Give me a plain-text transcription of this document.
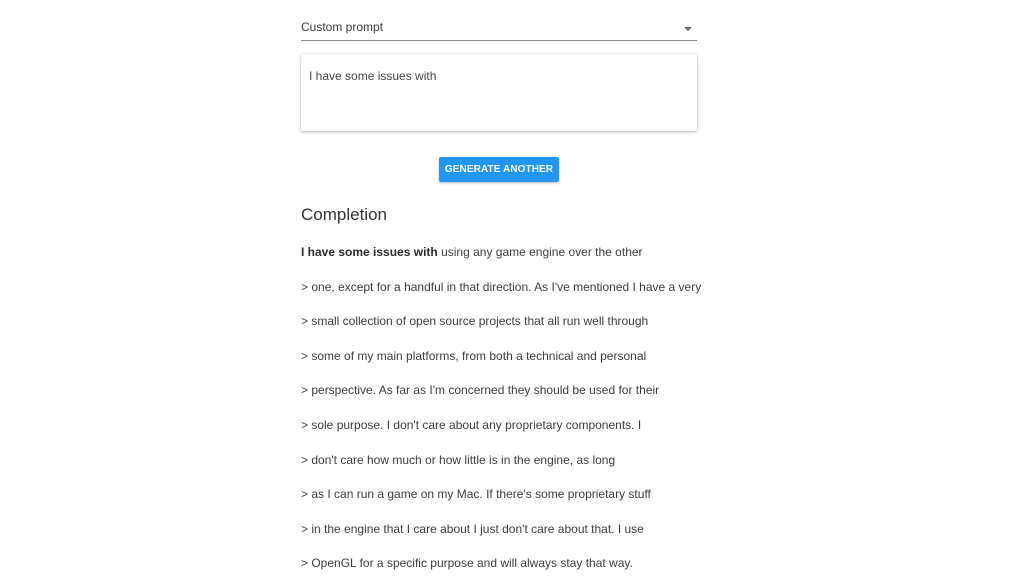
Custom prompt
I have some issues with
GENERATE ANOTHER
Completion
I have some issues with using any game engine over the other
> one, except for a handful in that direction. As I've mentioned I have a very
> small collection of open source projects that all run well through
> some of my main platforms, from both a technical and personal
> perspective. As far as I'm concerned they should be used for their
> sole purpose. I don't care about any proprietary components. I
> don't care how much or how little is in the engine, as long
> as I can run a game on my Mac. If there's some proprietary stuff
> in the engine that I care about I just don't care about that. I use
> OpenGL for a specific purpose and will always stay that way.
